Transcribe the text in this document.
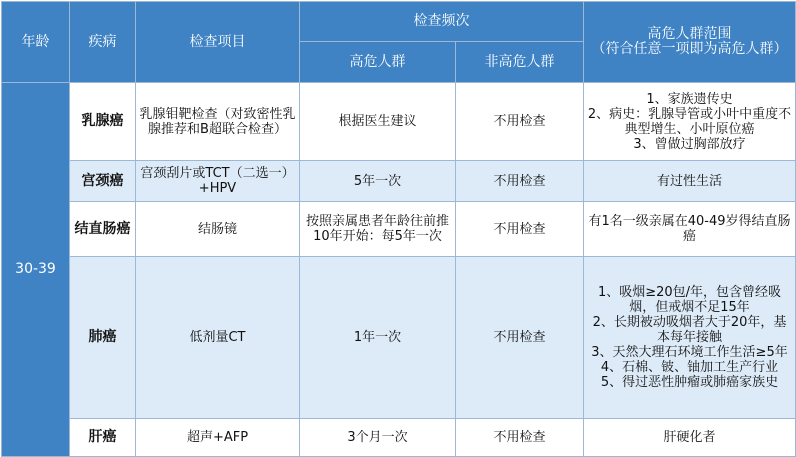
年龄	疾病	检查项目	检查频次		高危人群范围
（符合任意一项即为高危人群）

			高危人群	非高危人群	
30-39	乳腺癌	乳腺钼靶检查（对致密性乳腺推荐和B超联合检查）	根据医生建议	不用检查	1、家族遗传史
2、病史：乳腺导管或小叶中重度不典型增生、小叶原位癌
3、曾做过胸部放疗

	宫颈癌	宫颈刮片或TCT（二选一）+HPV	5年一次	不用检查	有过性生活

	结直肠癌	结肠镜	按照亲属患者年龄往前推10年开始：每5年一次	不用检查	有1名一级亲属在40-49岁得结直肠癌

	肺癌	低剂量CT	1年一次	不用检查	1、吸烟≥20包/年，包含曾经吸烟，但戒烟不足15年
2、长期被动吸烟者大于20年，基本每年接触
3、天然大理石环境工作生活≥5年
4、石棉、铍、铀加工生产行业
5、得过恶性肿瘤或肺癌家族史

	肝癌	超声+AFP	3个月一次	不用检查	肝硬化者
